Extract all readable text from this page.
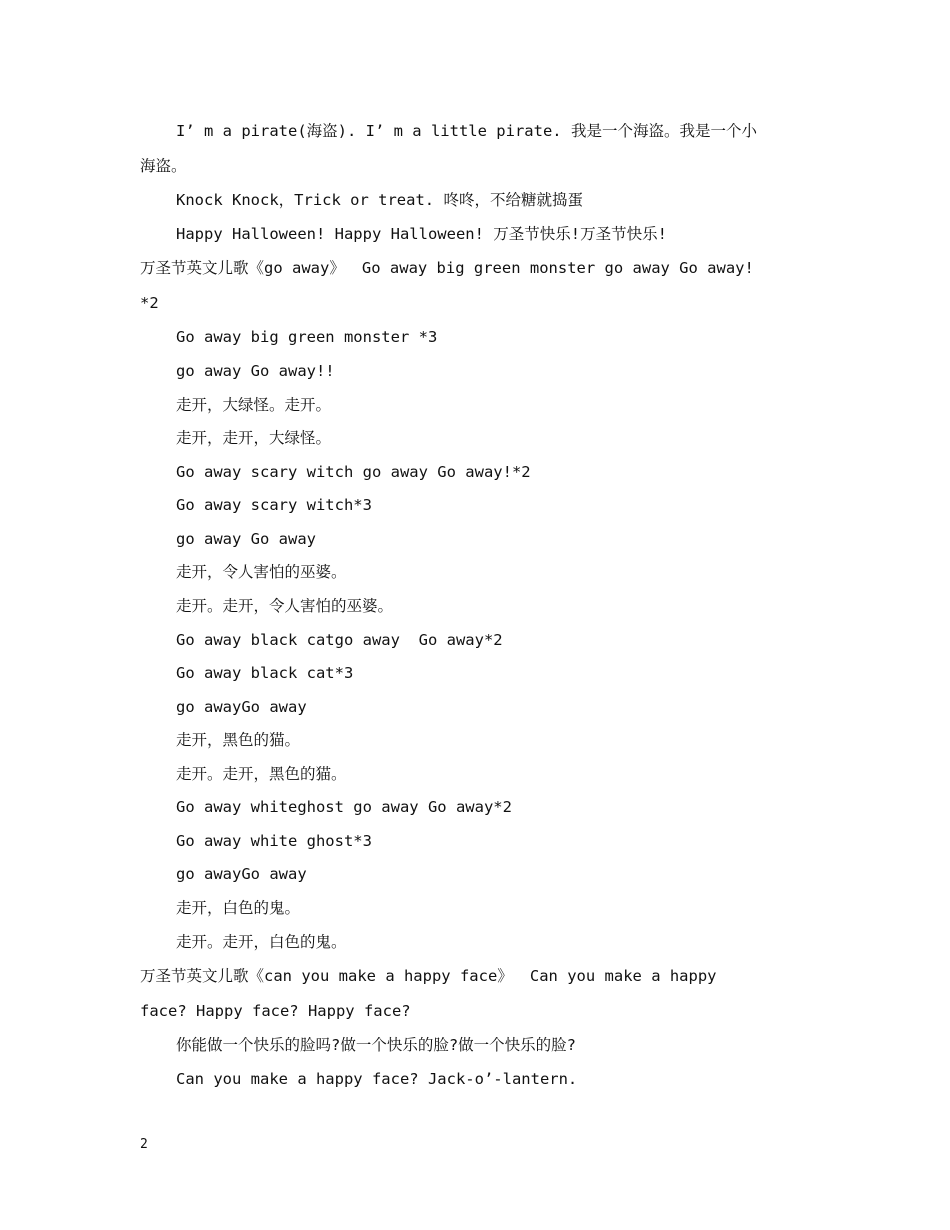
I’ m a pirate(海盗). I’ m a little pirate. 我是一个海盗。我是一个小
海盗。
Knock Knock，Trick or treat. 咚咚，不给糖就捣蛋
Happy Halloween! Happy Halloween! 万圣节快乐!万圣节快乐!
万圣节英文儿歌《go away》　 Go away big green monster go away Go away!
*2
Go away big green monster *3
go away Go away!!
走开，大绿怪。走开。
走开，走开，大绿怪。
Go away scary witch go away Go away!*2
Go away scary witch*3
go away Go away
走开，令人害怕的巫婆。
走开。走开，令人害怕的巫婆。
Go away black catgo away  Go away*2
Go away black cat*3
go awayGo away
走开，黑色的猫。
走开。走开，黑色的猫。
Go away whiteghost go away Go away*2
Go away white ghost*3
go awayGo away
走开，白色的鬼。
走开。走开，白色的鬼。
万圣节英文儿歌《can you make a happy face》　 Can you make a happy
face? Happy face? Happy face?
你能做一个快乐的脸吗?做一个快乐的脸?做一个快乐的脸?
Can you make a happy face? Jack-o’-lantern.
2
